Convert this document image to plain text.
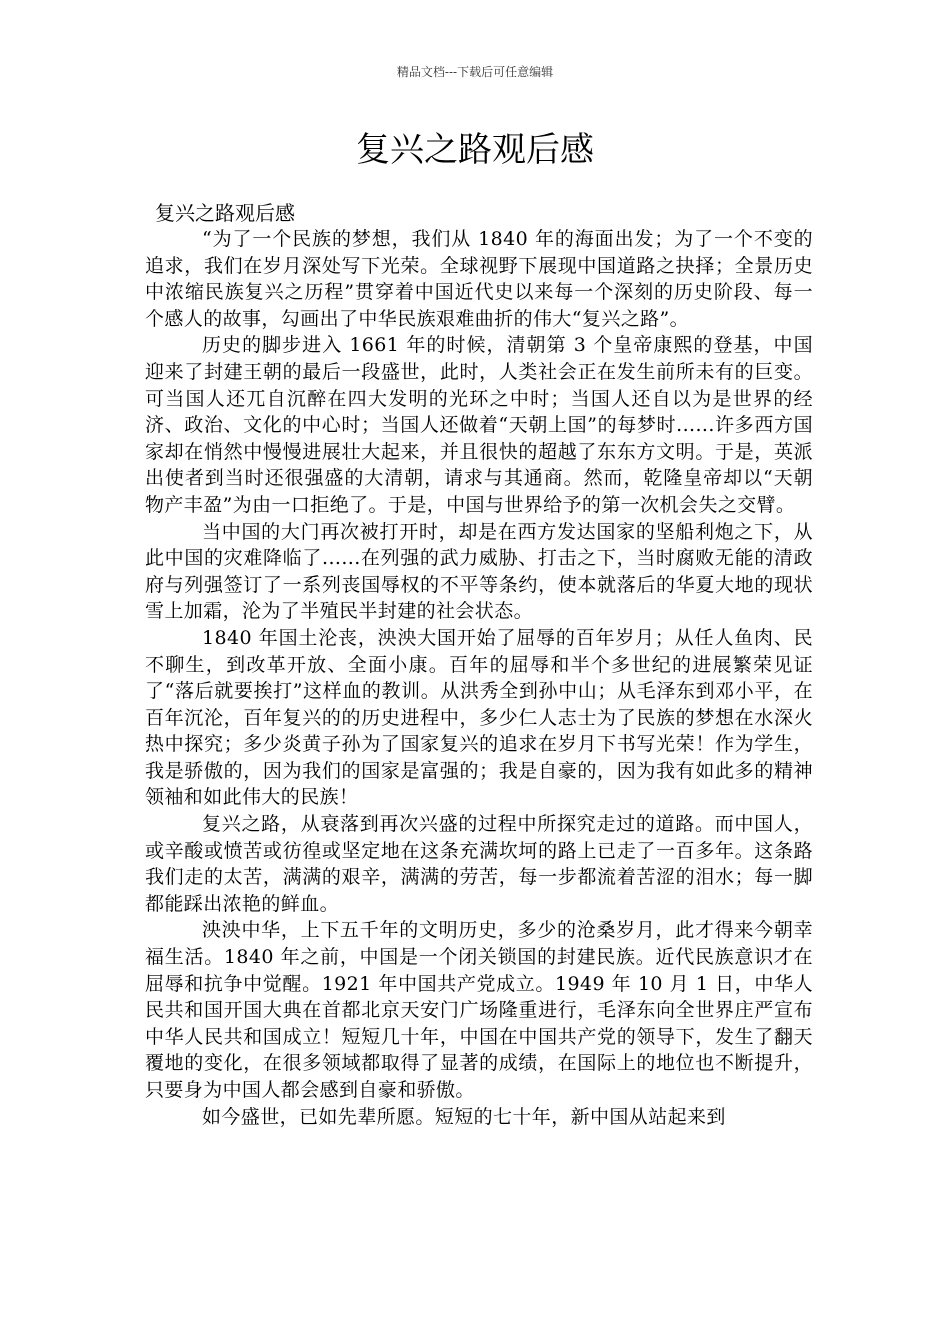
精品文档---下载后可任意编辑
复兴之路观后感
复兴之路观后感

“为了一个民族的梦想，我们从 1840 年的海面出发；为了一个不变的追求，我们在岁月深处写下光荣。全球视野下展现中国道路之抉择；全景历史中浓缩民族复兴之历程”贯穿着中国近代史以来每一个深刻的历史阶段、每一个感人的故事，勾画出了中华民族艰难曲折的伟大“复兴之路”。

历史的脚步进入 1661 年的时候，清朝第 3 个皇帝康熙的登基，中国迎来了封建王朝的最后一段盛世，此时，人类社会正在发生前所未有的巨变。可当国人还兀自沉醉在四大发明的光环之中时；当国人还自以为是世界的经济、政治、文化的中心时；当国人还做着“天朝上国”的每梦时......许多西方国家却在悄然中慢慢进展壮大起来，并且很快的超越了东东方文明。于是，英派出使者到当时还很强盛的大清朝，请求与其通商。然而，乾隆皇帝却以“天朝物产丰盈”为由一口拒绝了。于是，中国与世界给予的第一次机会失之交臂。

当中国的大门再次被打开时，却是在西方发达国家的坚船利炮之下，从此中国的灾难降临了......在列强的武力威胁、打击之下，当时腐败无能的清政府与列强签订了一系列丧国辱权的不平等条约，使本就落后的华夏大地的现状雪上加霜，沦为了半殖民半封建的社会状态。

1840 年国土沦丧，泱泱大国开始了屈辱的百年岁月；从任人鱼肉、民不聊生，到改革开放、全面小康。百年的屈辱和半个多世纪的进展繁荣见证了“落后就要挨打”这样血的教训。从洪秀全到孙中山；从毛泽东到邓小平，在百年沉沦，百年复兴的的历史进程中，多少仁人志士为了民族的梦想在水深火热中探究；多少炎黄子孙为了国家复兴的追求在岁月下书写光荣！作为学生，我是骄傲的，因为我们的国家是富强的；我是自豪的，因为我有如此多的精神领袖和如此伟大的民族！

复兴之路，从衰落到再次兴盛的过程中所探究走过的道路。而中国人，或辛酸或愤苦或彷徨或坚定地在这条充满坎坷的路上已走了一百多年。这条路我们走的太苦，满满的艰辛，满满的劳苦，每一步都流着苦涩的泪水；每一脚都能踩出浓艳的鲜血。

泱泱中华，上下五千年的文明历史，多少的沧桑岁月，此才得来今朝幸福生活。1840 年之前，中国是一个闭关锁国的封建民族。近代民族意识才在屈辱和抗争中觉醒。1921 年中国共产党成立。1949 年 10 月 1 日，中华人民共和国开国大典在首都北京天安门广场隆重进行，毛泽东向全世界庄严宣布中华人民共和国成立！短短几十年，中国在中国共产党的领导下，发生了翻天覆地的变化，在很多领域都取得了显著的成绩，在国际上的地位也不断提升，只要身为中国人都会感到自豪和骄傲。

如今盛世，已如先辈所愿。短短的七十年，新中国从站起来到
